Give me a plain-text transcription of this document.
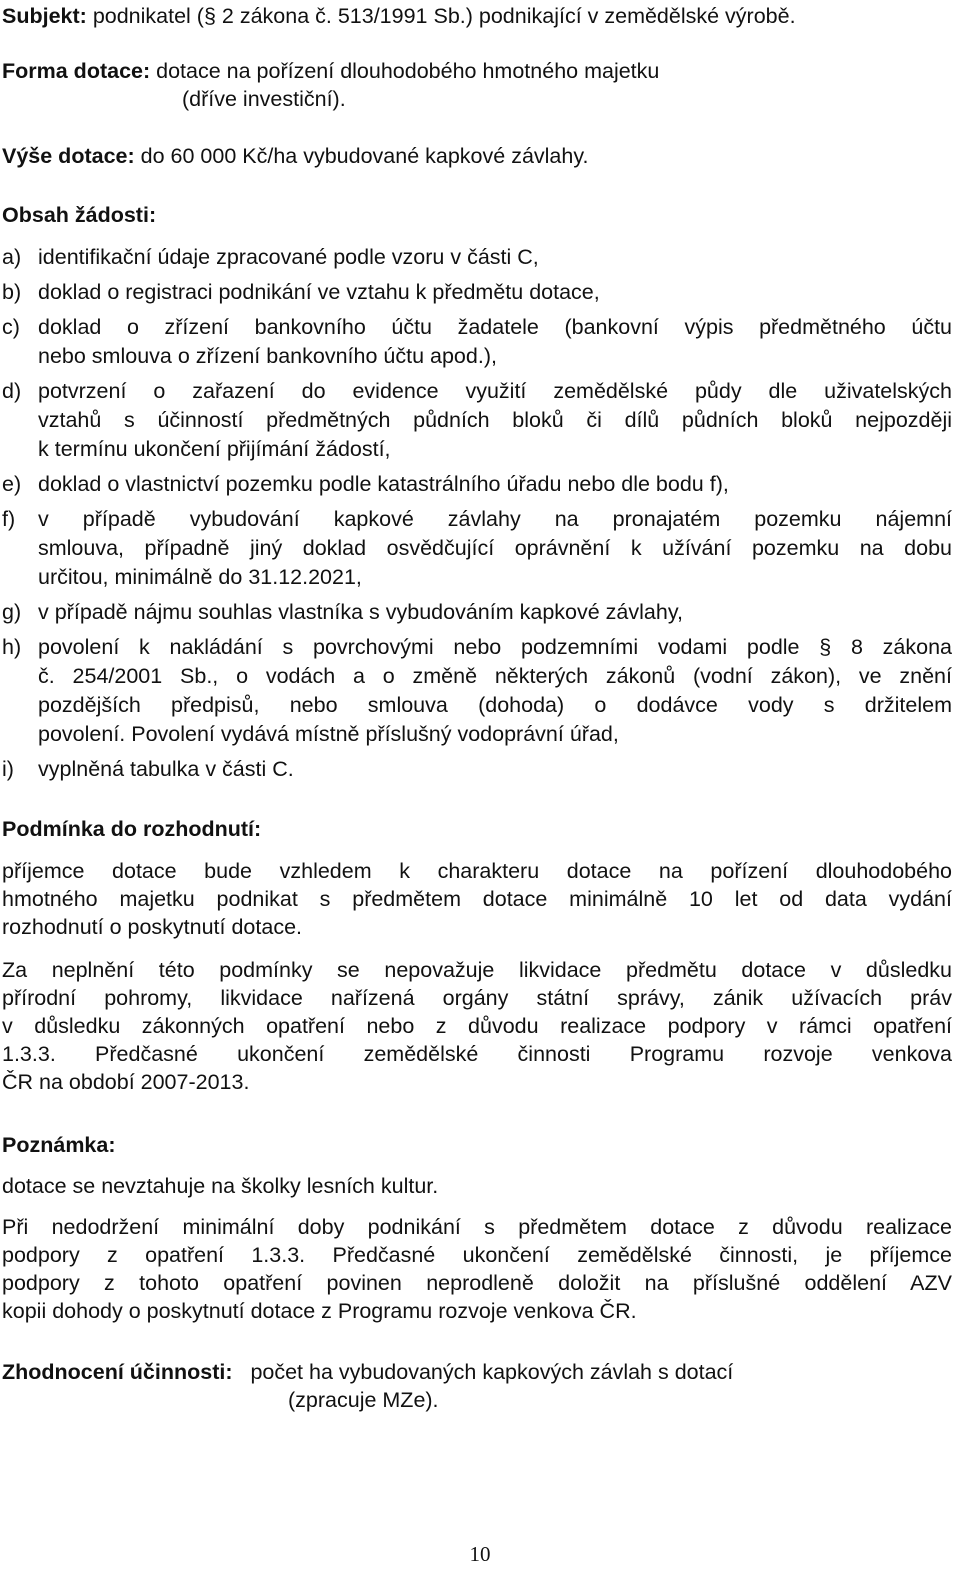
Subjekt: podnikatel (§ 2 zákona č. 513/1991 Sb.) podnikající v zemědělské výrobě.
Forma dotace: dotace na pořízení dlouhodobého hmotného majetku
(dříve investiční).
Výše dotace: do 60 000 Kč/ha vybudované kapkové závlahy.
Obsah žádosti:
a) identifikační údaje zpracované podle vzoru v části C,
b) doklad o registraci podnikání ve vztahu k předmětu dotace,
c) doklad o zřízení bankovního účtu žadatele (bankovní výpis předmětného účtu
nebo smlouva o zřízení bankovního účtu apod.),
d) potvrzení o zařazení do evidence využití zemědělské půdy dle uživatelských
vztahů s účinností předmětných půdních bloků či dílů půdních bloků nejpozději
k termínu ukončení přijímání žádostí,
e) doklad o vlastnictví pozemku podle katastrálního úřadu nebo dle bodu f),
f)	v případě vybudování kapkové závlahy na pronajatém pozemku nájemní
smlouva, případně jiný doklad osvědčující oprávnění k užívání pozemku na dobu
určitou, minimálně do 31.12.2021,
g) v případě nájmu souhlas vlastníka s vybudováním kapkové závlahy,
h) povolení k nakládání s povrchovými nebo podzemními vodami podle § 8 zákona
č. 254/2001 Sb., o vodách a o změně některých zákonů (vodní zákon), ve znění
pozdějších předpisů, nebo smlouva (dohoda) o dodávce vody s držitelem
povolení. Povolení vydává místně příslušný vodoprávní úřad,
i)	vyplněná tabulka v části C.
Podmínka do rozhodnutí:
příjemce dotace bude vzhledem k charakteru dotace na pořízení dlouhodobého
hmotného majetku podnikat s předmětem dotace minimálně 10 let od data vydání
rozhodnutí o poskytnutí dotace.
Za neplnění této podmínky se nepovažuje likvidace předmětu dotace v důsledku
přírodní pohromy, likvidace nařízená orgány státní správy, zánik užívacích práv
v důsledku zákonných opatření nebo z důvodu realizace podpory v rámci opatření
1.3.3. Předčasné ukončení zemědělské činnosti Programu rozvoje venkova
ČR na období 2007-2013.
Poznámka:
dotace se nevztahuje na školky lesních kultur.
Při nedodržení minimální doby podnikání s předmětem dotace z důvodu realizace
podpory z opatření 1.3.3. Předčasné ukončení zemědělské činnosti, je příjemce
podpory z tohoto opatření povinen neprodleně doložit na příslušné oddělení AZV
kopii dohody o poskytnutí dotace z Programu rozvoje venkova ČR.
Zhodnocení účinnosti: počet ha vybudovaných kapkových závlah s dotací
(zpracuje MZe).
10
